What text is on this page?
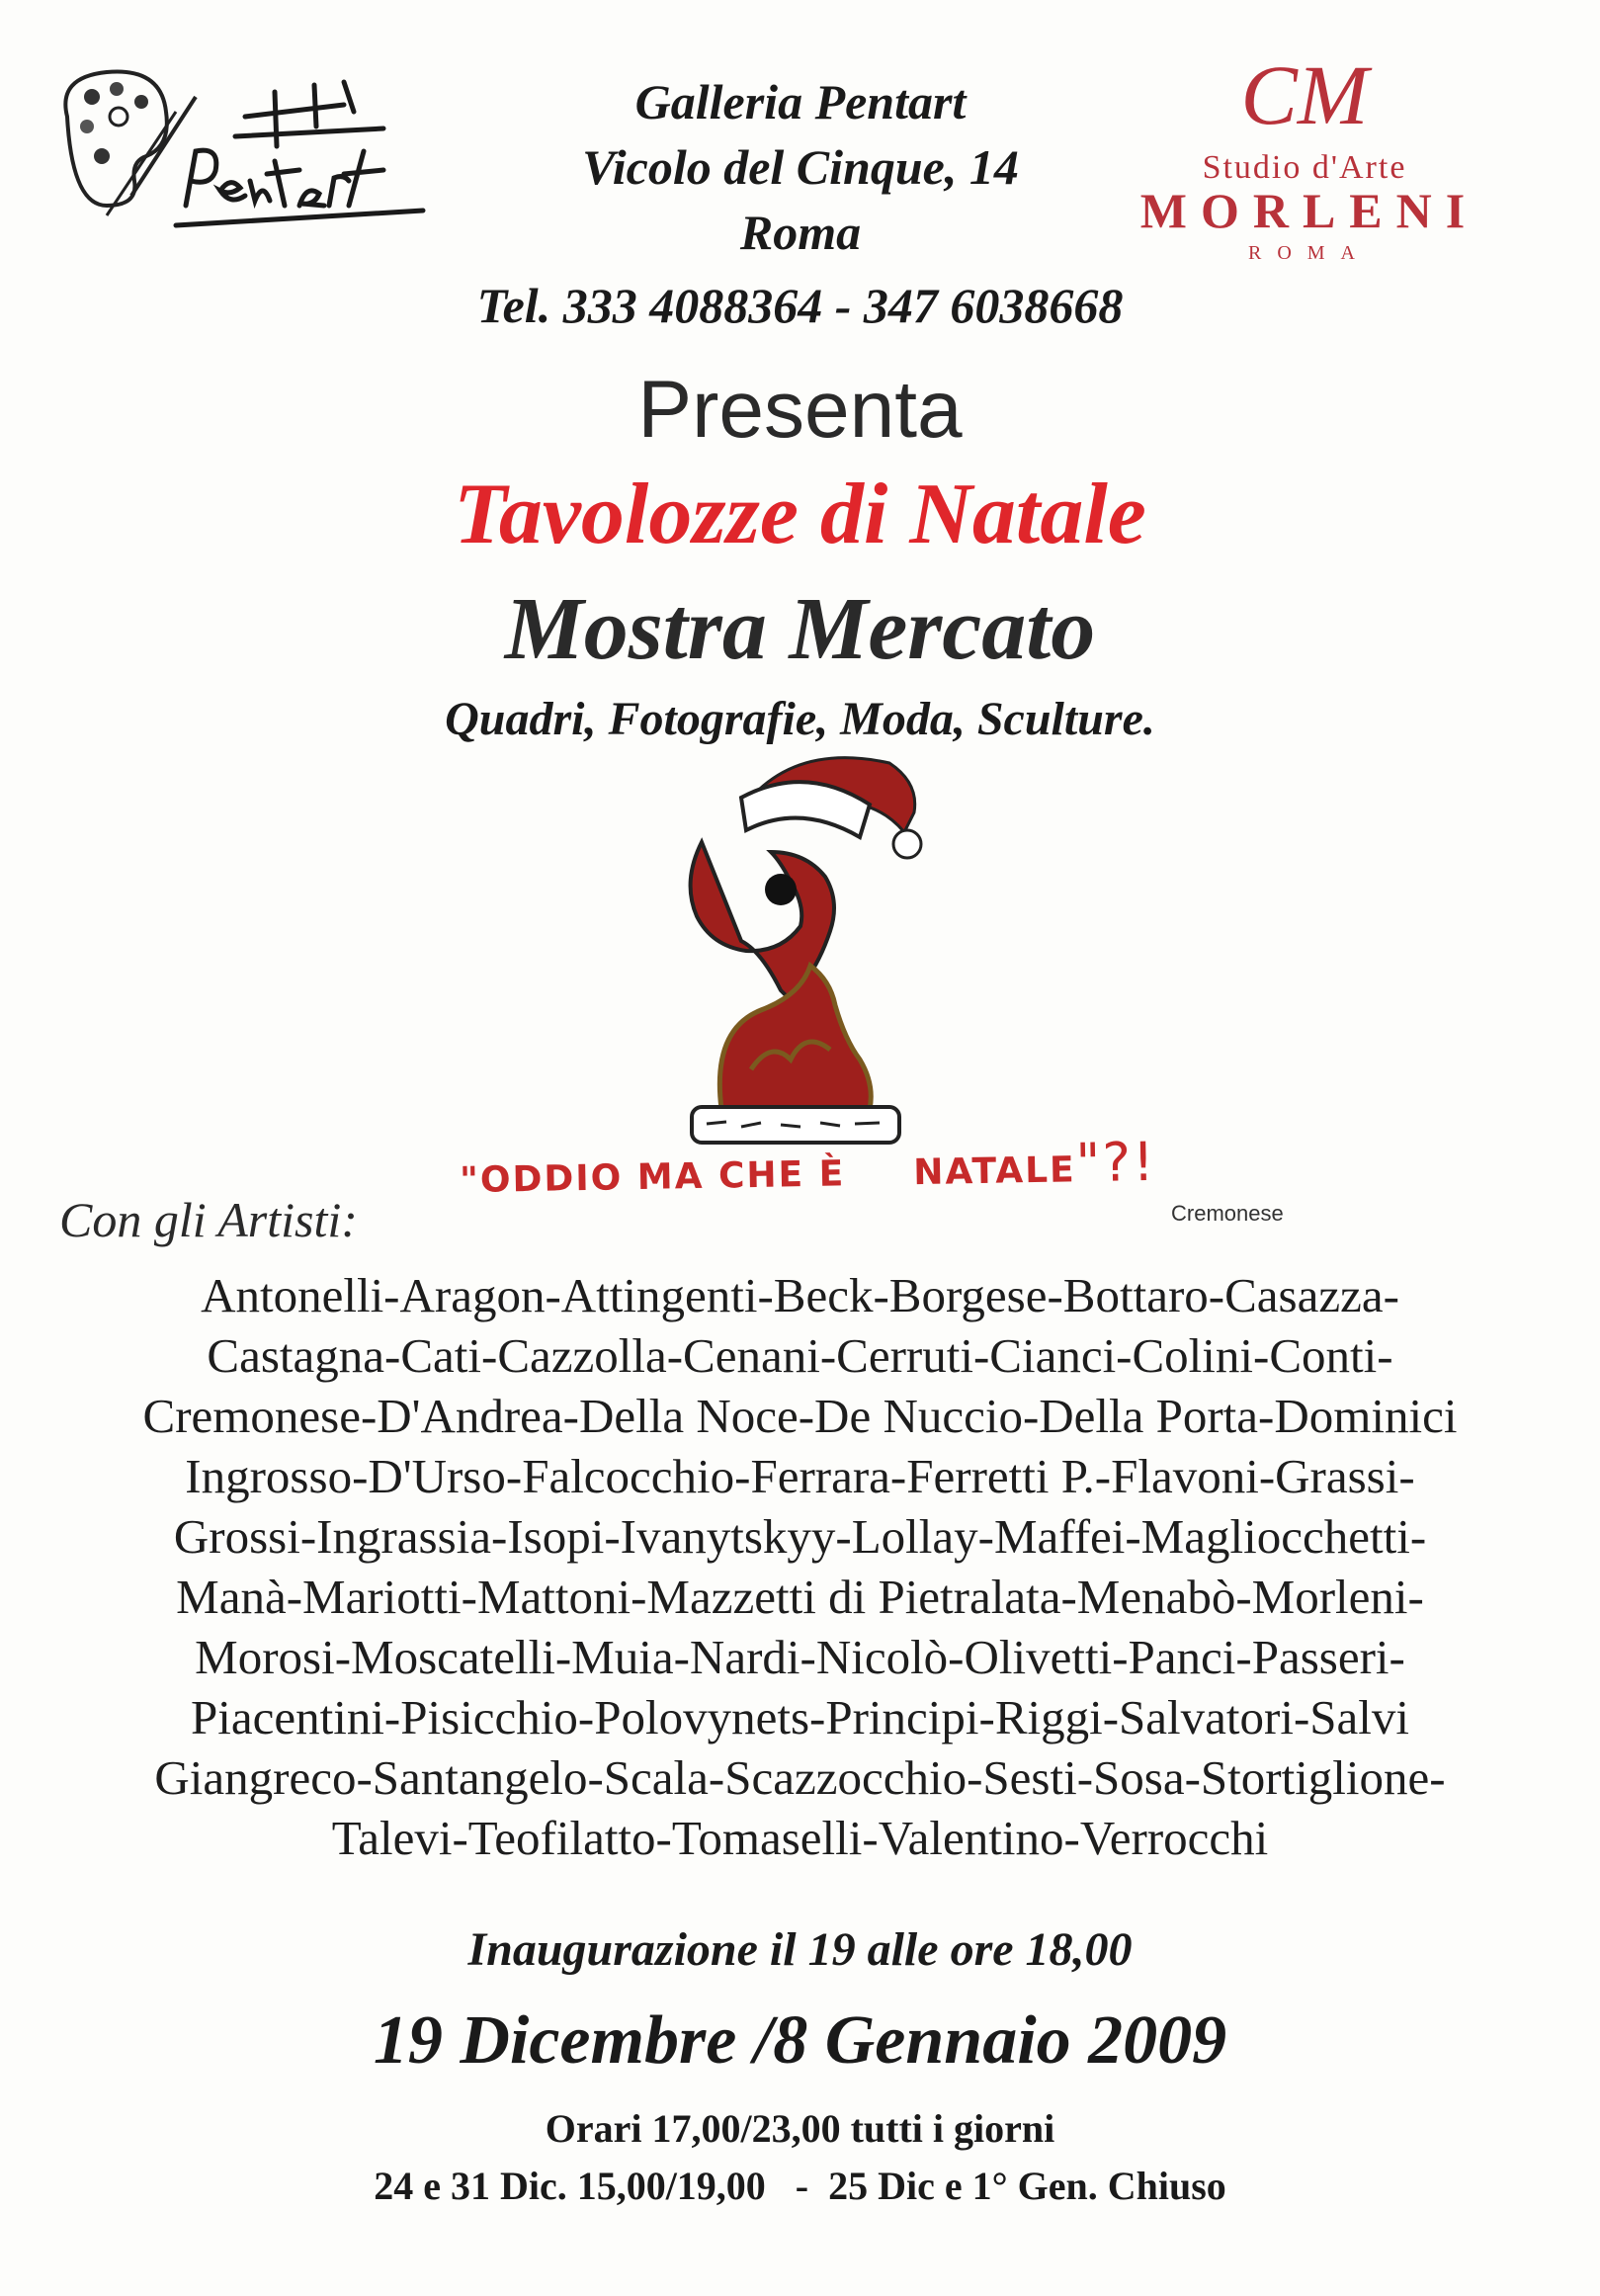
CM
Studio d'Arte
MORLENI
ROMA
Galleria Pentart
Vicolo del Cinque, 14
Roma
Tel. 333 4088364 - 347 6038668
Presenta
Tavolozze di Natale
Mostra Mercato
Quadri, Fotografie, Moda, Sculture.
"ODDIO MA CHE È NATALE"?!
Cremonese
Con gli Artisti:
Antonelli-Aragon-Attingenti-Beck-Borgese-Bottaro-Casazza-
Castagna-Cati-Cazzolla-Cenani-Cerruti-Cianci-Colini-Conti-
Cremonese-D'Andrea-Della Noce-De Nuccio-Della Porta-Dominici
Ingrosso-D'Urso-Falcocchio-Ferrara-Ferretti P.-Flavoni-Grassi-
Grossi-Ingrassia-Isopi-Ivanytskyy-Lollay-Maffei-Magliocchetti-
Manà-Mariotti-Mattoni-Mazzetti di Pietralata-Menabò-Morleni-
Morosi-Moscatelli-Muia-Nardi-Nicolò-Olivetti-Panci-Passeri-
Piacentini-Pisicchio-Polovynets-Principi-Riggi-Salvatori-Salvi
Giangreco-Santangelo-Scala-Scazzocchio-Sesti-Sosa-Stortiglione-
Talevi-Teofilatto-Tomaselli-Valentino-Verrocchi
Inaugurazione il 19 alle ore 18,00
19 Dicembre /8 Gennaio 2009
Orari 17,00/23,00 tutti i giorni
24 e 31 Dic. 15,00/19,00   -  25 Dic e 1° Gen. Chiuso
